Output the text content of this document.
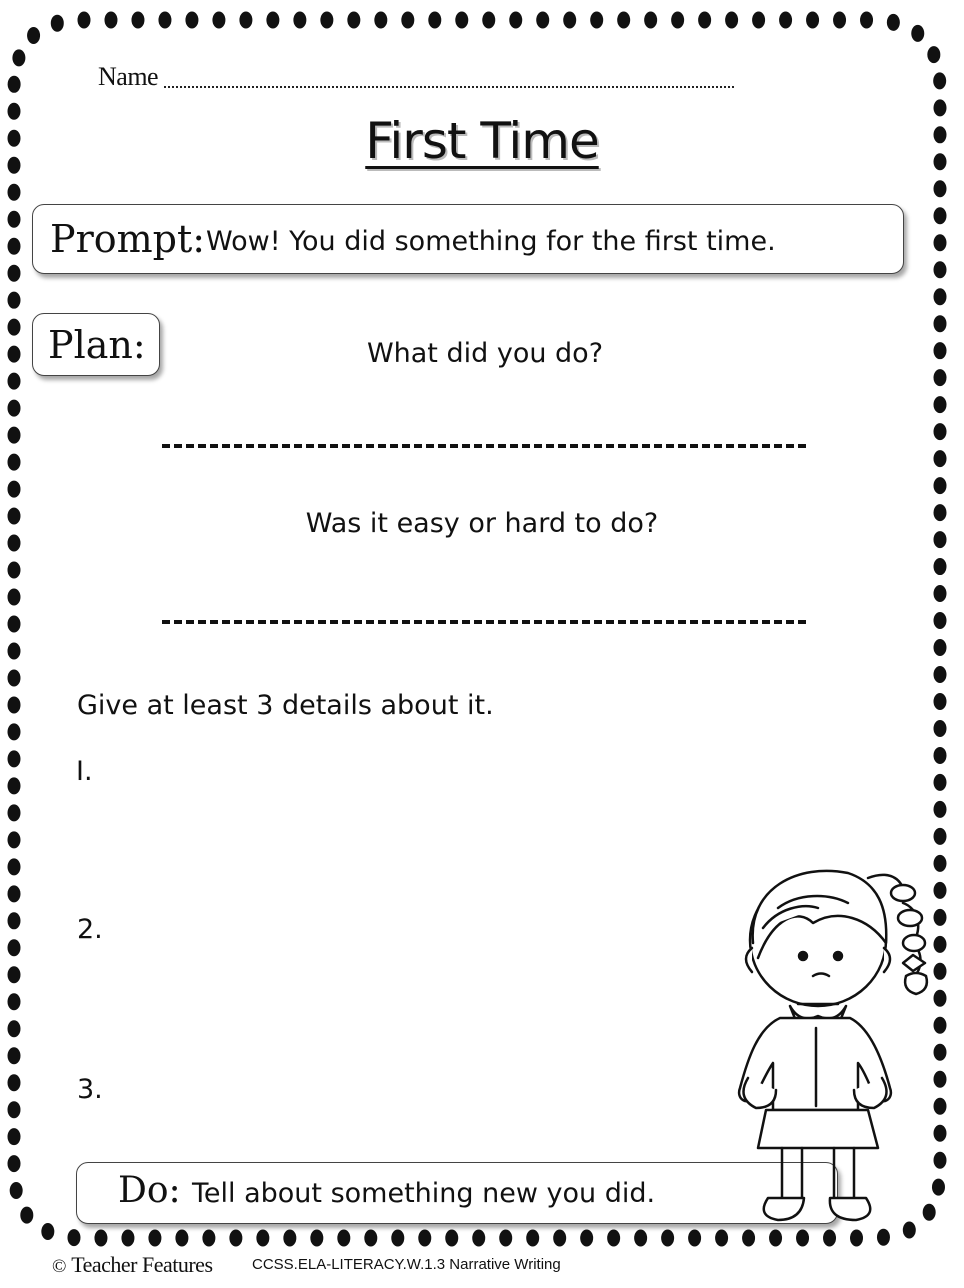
Name
First Time
Prompt: Wow! You did something for the first time.
Plan:	What did you do?
Was it easy or hard to do?
Give at least 3 details about it.
I.
2.
3.
Do: Tell about something new you did.
© Teacher Features	CCSS.ELA-LITERACY.W.1.3 Narrative Writing
